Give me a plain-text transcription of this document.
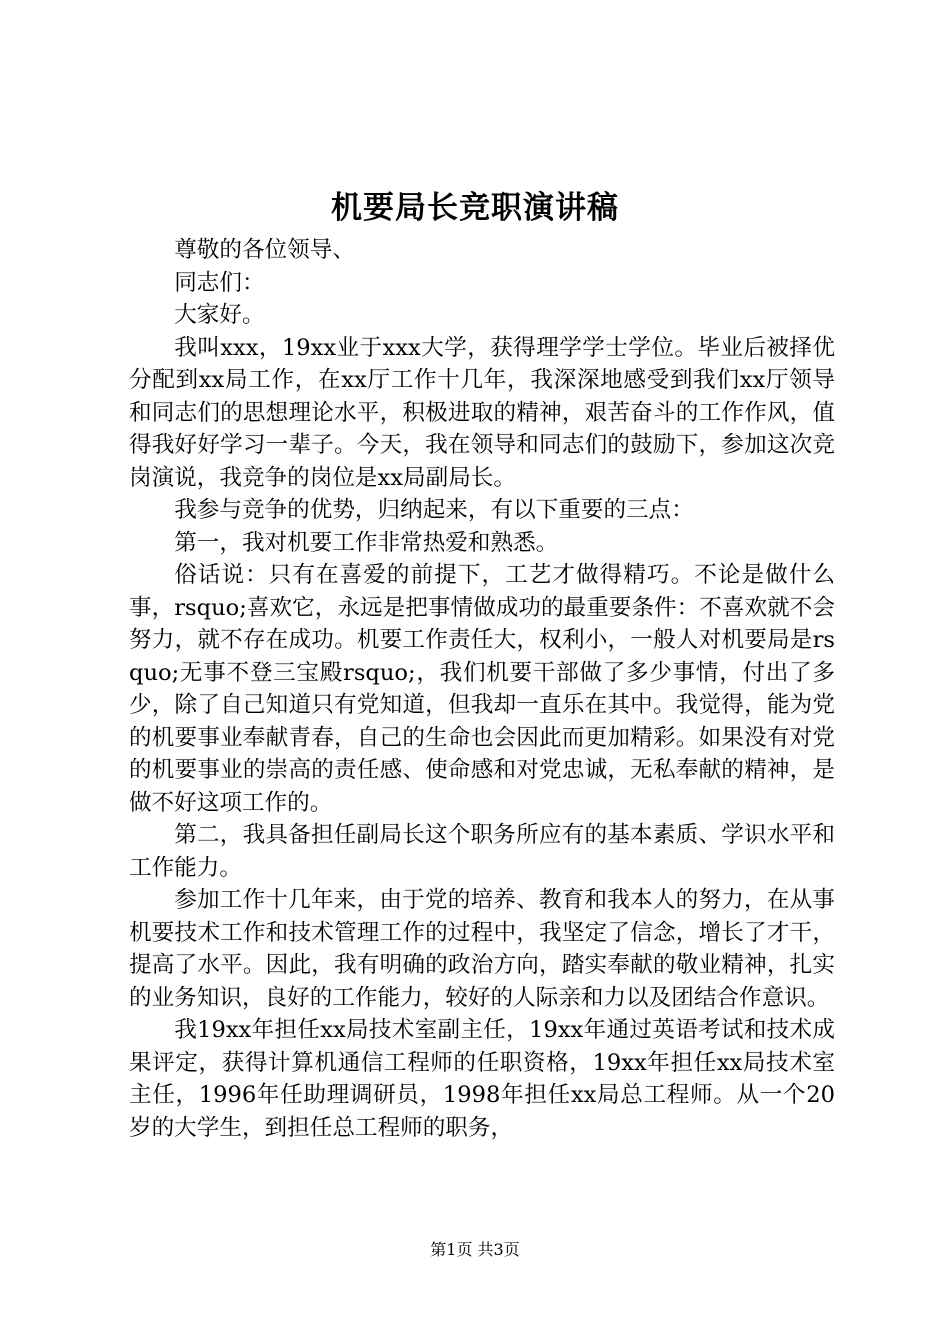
机要局长竞职演讲稿

尊敬的各位领导、

同志们：

大家好。

我叫xxx，19xx业于xxx大学，获得理学学士学位。毕业后被择优分配到xx局工作，在xx厅工作十几年，我深深地感受到我们xx厅领导和同志们的思想理论水平，积极进取的精神，艰苦奋斗的工作作风，值得我好好学习一辈子。今天，我在领导和同志们的鼓励下，参加这次竞岗演说，我竞争的岗位是xx局副局长。

我参与竞争的优势，归纳起来，有以下重要的三点：

第一，我对机要工作非常热爱和熟悉。

俗话说：只有在喜爱的前提下，工艺才做得精巧。不论是做什么事，rsquo;喜欢它，永远是把事情做成功的最重要条件：不喜欢就不会努力，就不存在成功。机要工作责任大，权利小，一般人对机要局是rsquo;无事不登三宝殿rsquo;，我们机要干部做了多少事情，付出了多少，除了自己知道只有党知道，但我却一直乐在其中。我觉得，能为党的机要事业奉献青春，自己的生命也会因此而更加精彩。如果没有对党的机要事业的崇高的责任感、使命感和对党忠诚，无私奉献的精神，是做不好这项工作的。

第二，我具备担任副局长这个职务所应有的基本素质、学识水平和工作能力。

参加工作十几年来，由于党的培养、教育和我本人的努力，在从事机要技术工作和技术管理工作的过程中，我坚定了信念，增长了才干，提高了水平。因此，我有明确的政治方向，踏实奉献的敬业精神，扎实的业务知识，良好的工作能力，较好的人际亲和力以及团结合作意识。

我19xx年担任xx局技术室副主任，19xx年通过英语考试和技术成果评定，获得计算机通信工程师的任职资格，19xx年担任xx局技术室主任，1996年任助理调研员，1998年担任xx局总工程师。从一个20岁的大学生，到担任总工程师的职务，

第1页 共3页
